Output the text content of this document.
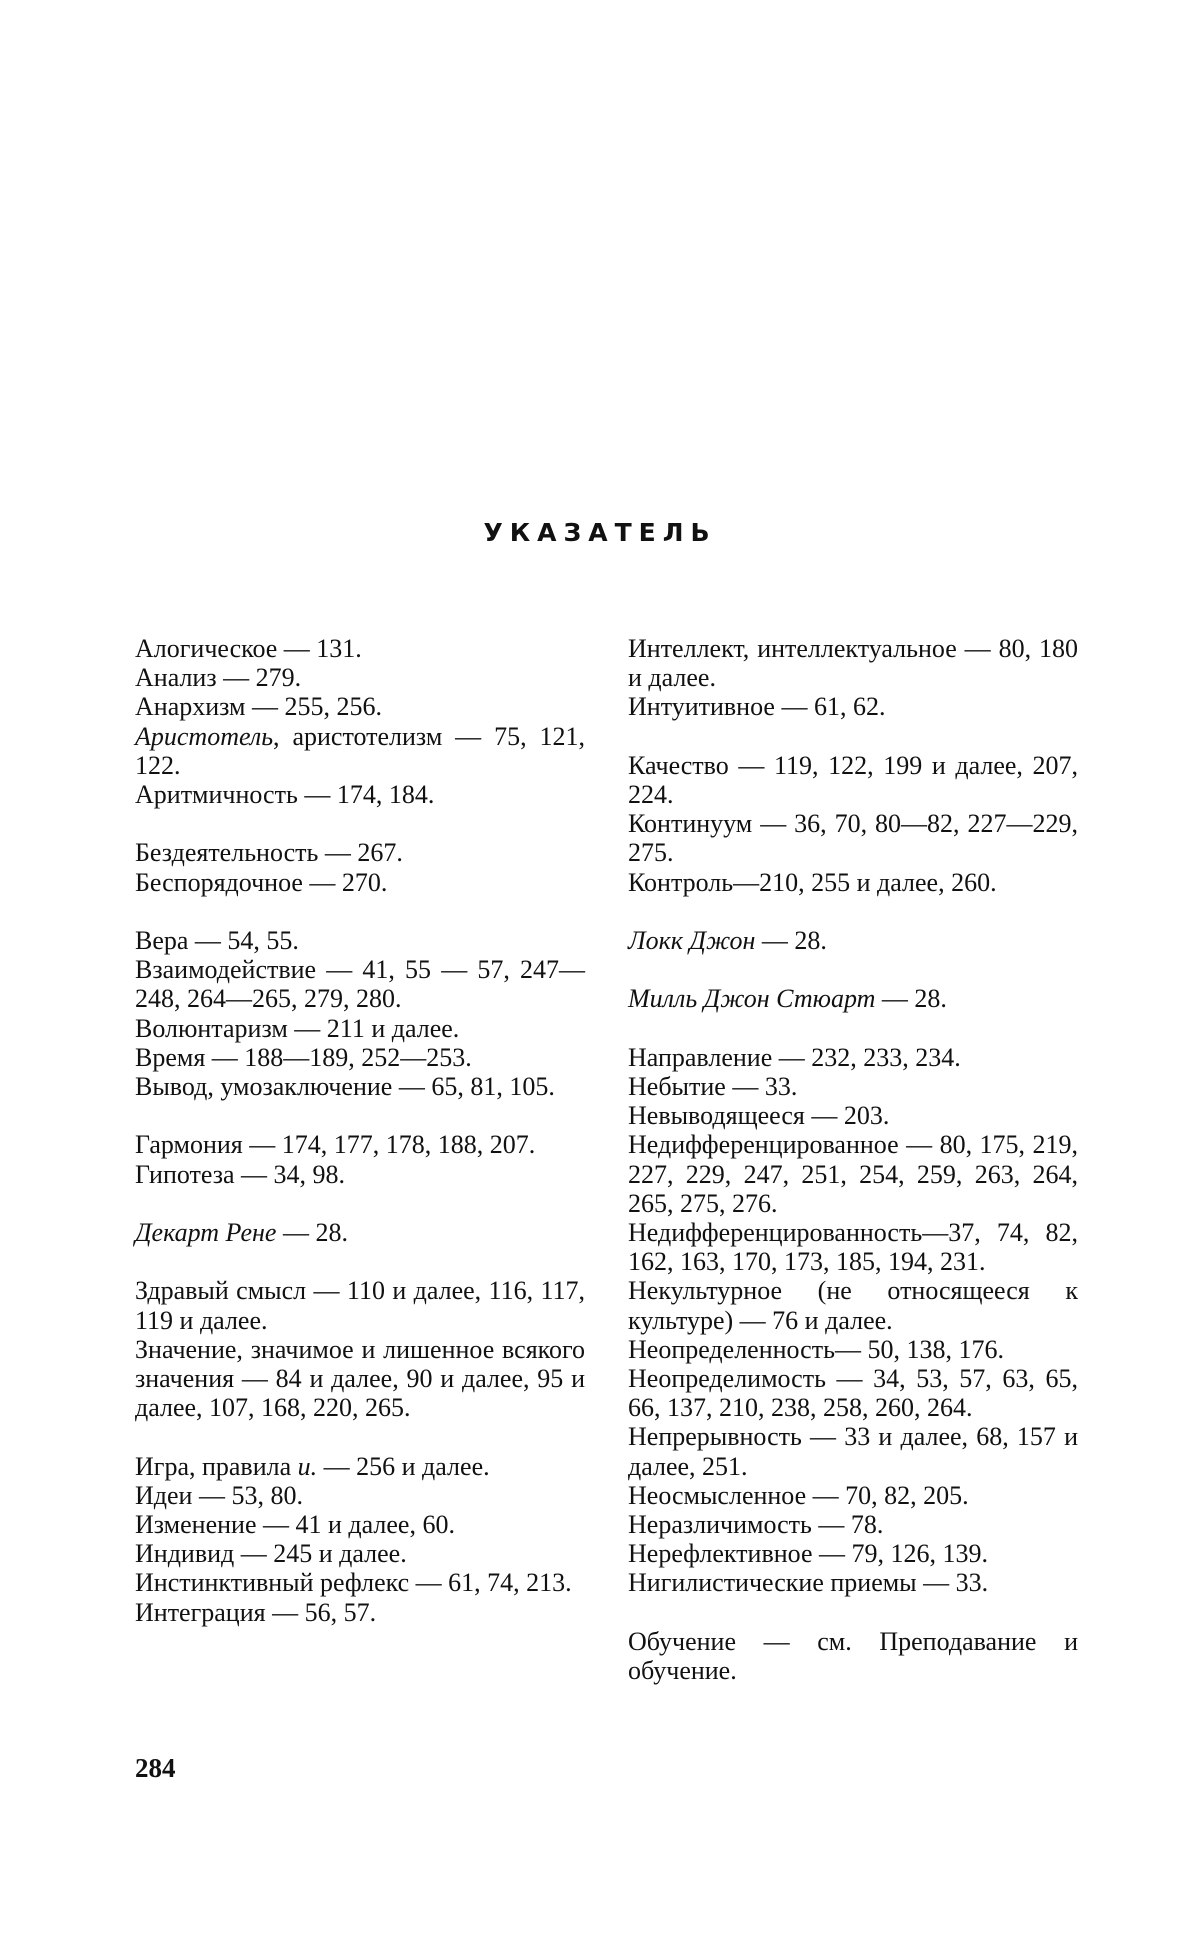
УКАЗАТЕЛЬ

Алогическое — 131.

Анализ — 279.

Анархизм — 255, 256.

Аристотель, аристотелизм — 75, 121, 122.

Аритмичность — 174, 184.

Бездеятельность — 267.

Беспорядочное — 270.

Вера — 54, 55.

Взаимодействие — 41, 55 — 57, 247—248, 264—265, 279, 280.

Волюнтаризм — 211 и далее.

Время — 188—189, 252—253.

Вывод, умозаключение — 65, 81, 105.

Гармония — 174, 177, 178, 188, 207.

Гипотеза — 34, 98.

Декарт Рене — 28.

Здравый смысл — 110 и далее, 116, 117, 119 и далее.

Значение, значимое и лишенное всякого значения — 84 и далее, 90 и далее, 95 и далее, 107, 168, 220, 265.

Игра, правила и. — 256 и далее.

Идеи — 53, 80.

Изменение — 41 и далее, 60.

Индивид — 245 и далее.

Инстинктивный рефлекс — 61, 74, 213.

Интеграция — 56, 57.

Интеллект, интеллектуальное — 80, 180 и далее.

Интуитивное — 61, 62.

Качество — 119, 122, 199 и далее, 207, 224.

Континуум — 36, 70, 80—82, 227—229, 275.

Контроль—210, 255 и далее, 260.

Локк Джон — 28.

Милль Джон Стюарт — 28.

Направление — 232, 233, 234.

Небытие — 33.

Невыводящееся — 203.

Недифференцированное — 80, 175, 219, 227, 229, 247, 251, 254, 259, 263, 264, 265, 275, 276.

Недифференцированность—37, 74, 82, 162, 163, 170, 173, 185, 194, 231.

Некультурное (не относящееся к культуре) — 76 и далее.

Неопределенность— 50, 138, 176.

Неопределимость — 34, 53, 57, 63, 65, 66, 137, 210, 238, 258, 260, 264.

Непрерывность — 33 и далее, 68, 157 и далее, 251.

Неосмысленное — 70, 82, 205.

Неразличимость — 78.

Нерефлективное — 79, 126, 139.

Нигилистические приемы — 33.

Обучение — см. Преподавание и обучение.

284
